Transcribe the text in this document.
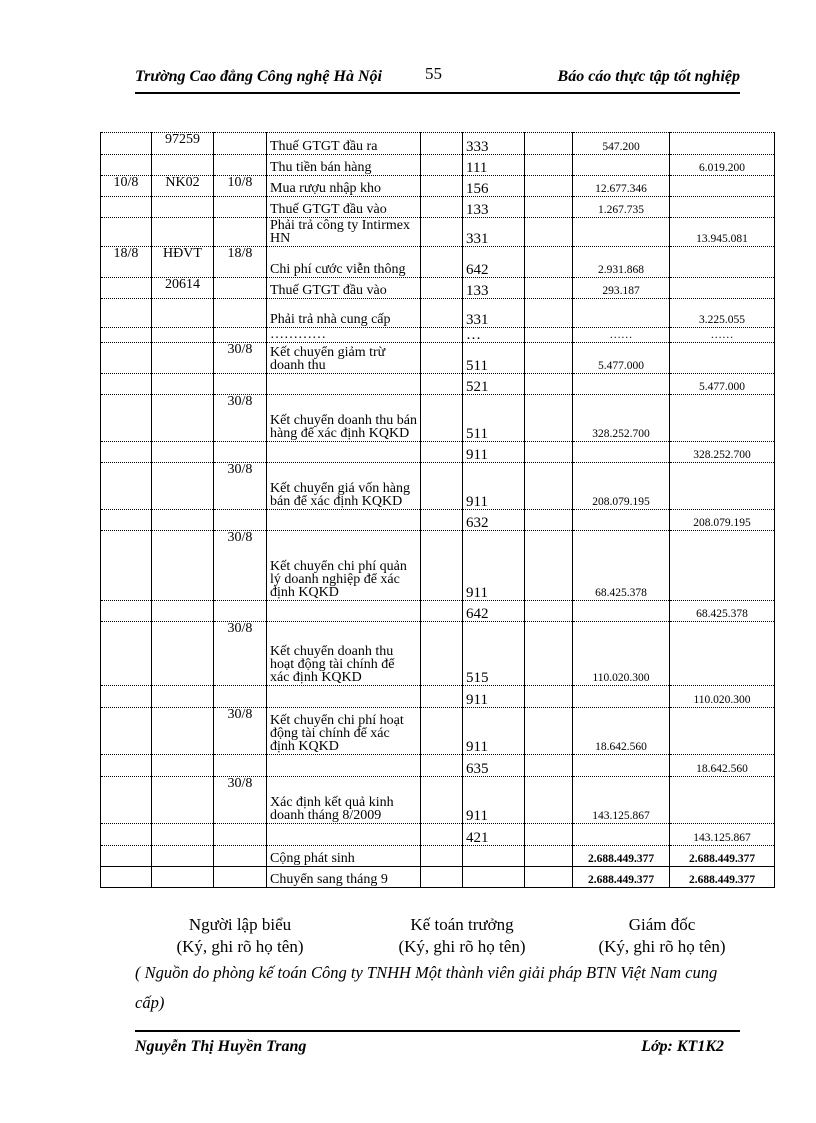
Trường Cao đẳng Công nghệ Hà Nội	55	Báo cáo thực tập tốt nghiệp
	97259		Thuế GTGT đầu ra		333		547.200	
			Thu tiền bán hàng		111			6.019.200
10/8	NK02	10/8	Mua rượu nhập kho		156		12.677.346	
			Thuế GTGT đầu vào		133		1.267.735	
			Phải trả công ty Intirmex HN		331			13.945.081
18/8	HĐVT	18/8	Chi phí cước viễn thông		642		2.931.868	
	20614		Thuế GTGT đầu vào		133		293.187	
			Phải trả nhà cung cấp		331			3.225.055
			…………		…		……	……
		30/8	Kết chuyển giảm trừ doanh thu		511		5.477.000	
					521			5.477.000
		30/8	Kết chuyển doanh thu bán hàng để xác định KQKD		511		328.252.700	
					911			328.252.700
		30/8	Kết chuyển giá vốn hàng bán để xác định KQKD		911		208.079.195	
					632			208.079.195
		30/8	Kết chuyển chi phí quản lý doanh nghiệp để xác định KQKD		911		68.425.378	
					642			68.425.378
		30/8	Kết chuyển doanh thu hoạt động tài chính để xác định KQKD		515		110.020.300	
					911			110.020.300
		30/8	Kết chuyển chi phí hoạt động tài chính để xác định KQKD		911		18.642.560	
					635			18.642.560
		30/8	Xác định kết quả kinh doanh tháng 8/2009		911		143.125.867	
					421			143.125.867
			Cộng phát sinh				2.688.449.377	2.688.449.377
			Chuyển sang tháng 9				2.688.449.377	2.688.449.377
Người lập biểu
(Ký, ghi rõ họ tên)
Kế toán trưởng
(Ký, ghi rõ họ tên)
Giám đốc
(Ký, ghi rõ họ tên)
( Nguồn do phòng kế toán Công ty TNHH Một thành viên giải pháp BTN Việt Nam cung cấp)
Nguyễn Thị Huyền Trang	Lớp: KT1K2
